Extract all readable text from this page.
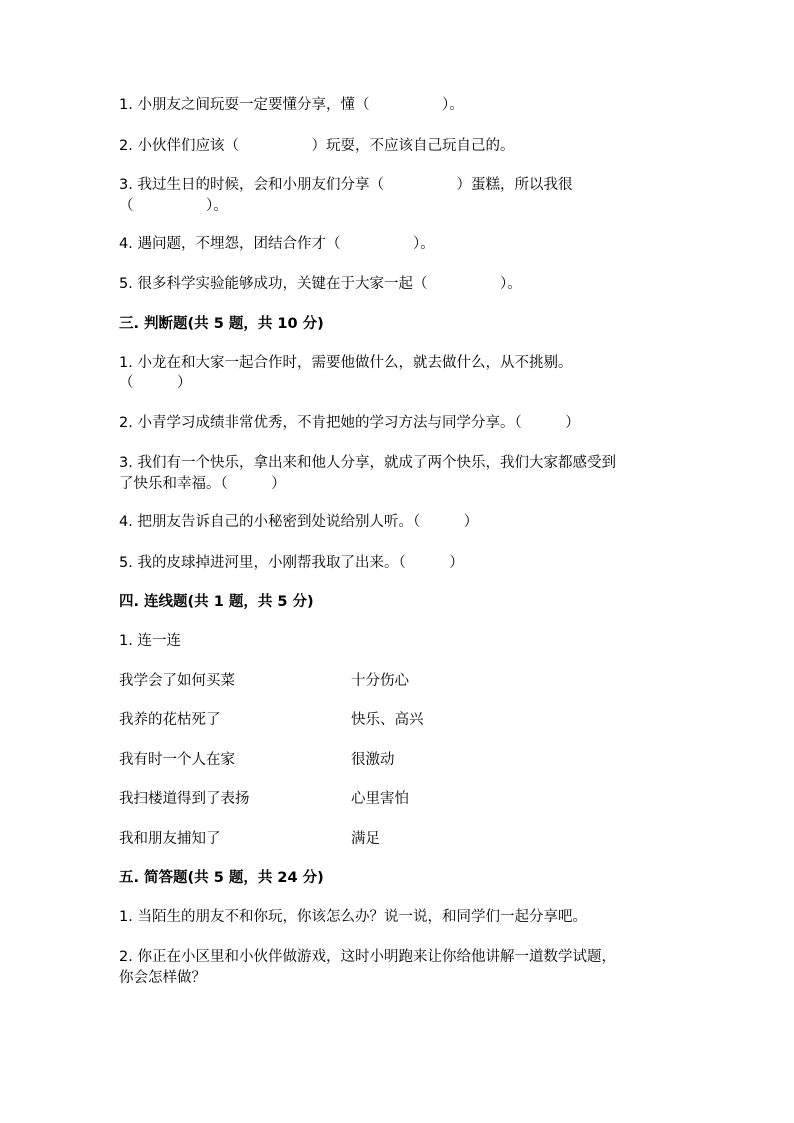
1. 小朋友之间玩耍一定要懂分享，懂（　　　　　）。
2. 小伙伴们应该（　　　　　）玩耍，不应该自己玩自己的。
3. 我过生日的时候，会和小朋友们分享（　　　　　）蛋糕，所以我很
（　　　　　）。
4. 遇问题，不埋怨，团结合作才（　　　　　）。
5. 很多科学实验能够成功，关键在于大家一起（　　　　　）。
三. 判断题(共 5 题，共 10 分)
1. 小龙在和大家一起合作时，需要他做什么，就去做什么，从不挑剔。
（　　　）
2. 小青学习成绩非常优秀，不肯把她的学习方法与同学分享。（　　　）
3. 我们有一个快乐，拿出来和他人分享，就成了两个快乐，我们大家都感受到
了快乐和幸福。（　　　）
4. 把朋友告诉自己的小秘密到处说给别人听。（　　　）
5. 我的皮球掉进河里，小刚帮我取了出来。（　　　）
四. 连线题(共 1 题，共 5 分)
1. 连一连
我学会了如何买菜	十分伤心
我养的花枯死了	快乐、高兴
我有时一个人在家	很激动
我扫楼道得到了表扬	心里害怕
我和朋友捕知了	满足
五. 简答题(共 5 题，共 24 分)
1. 当陌生的朋友不和你玩，你该怎么办？说一说，和同学们一起分享吧。
2. 你正在小区里和小伙伴做游戏，这时小明跑来让你给他讲解一道数学试题，
你会怎样做？
